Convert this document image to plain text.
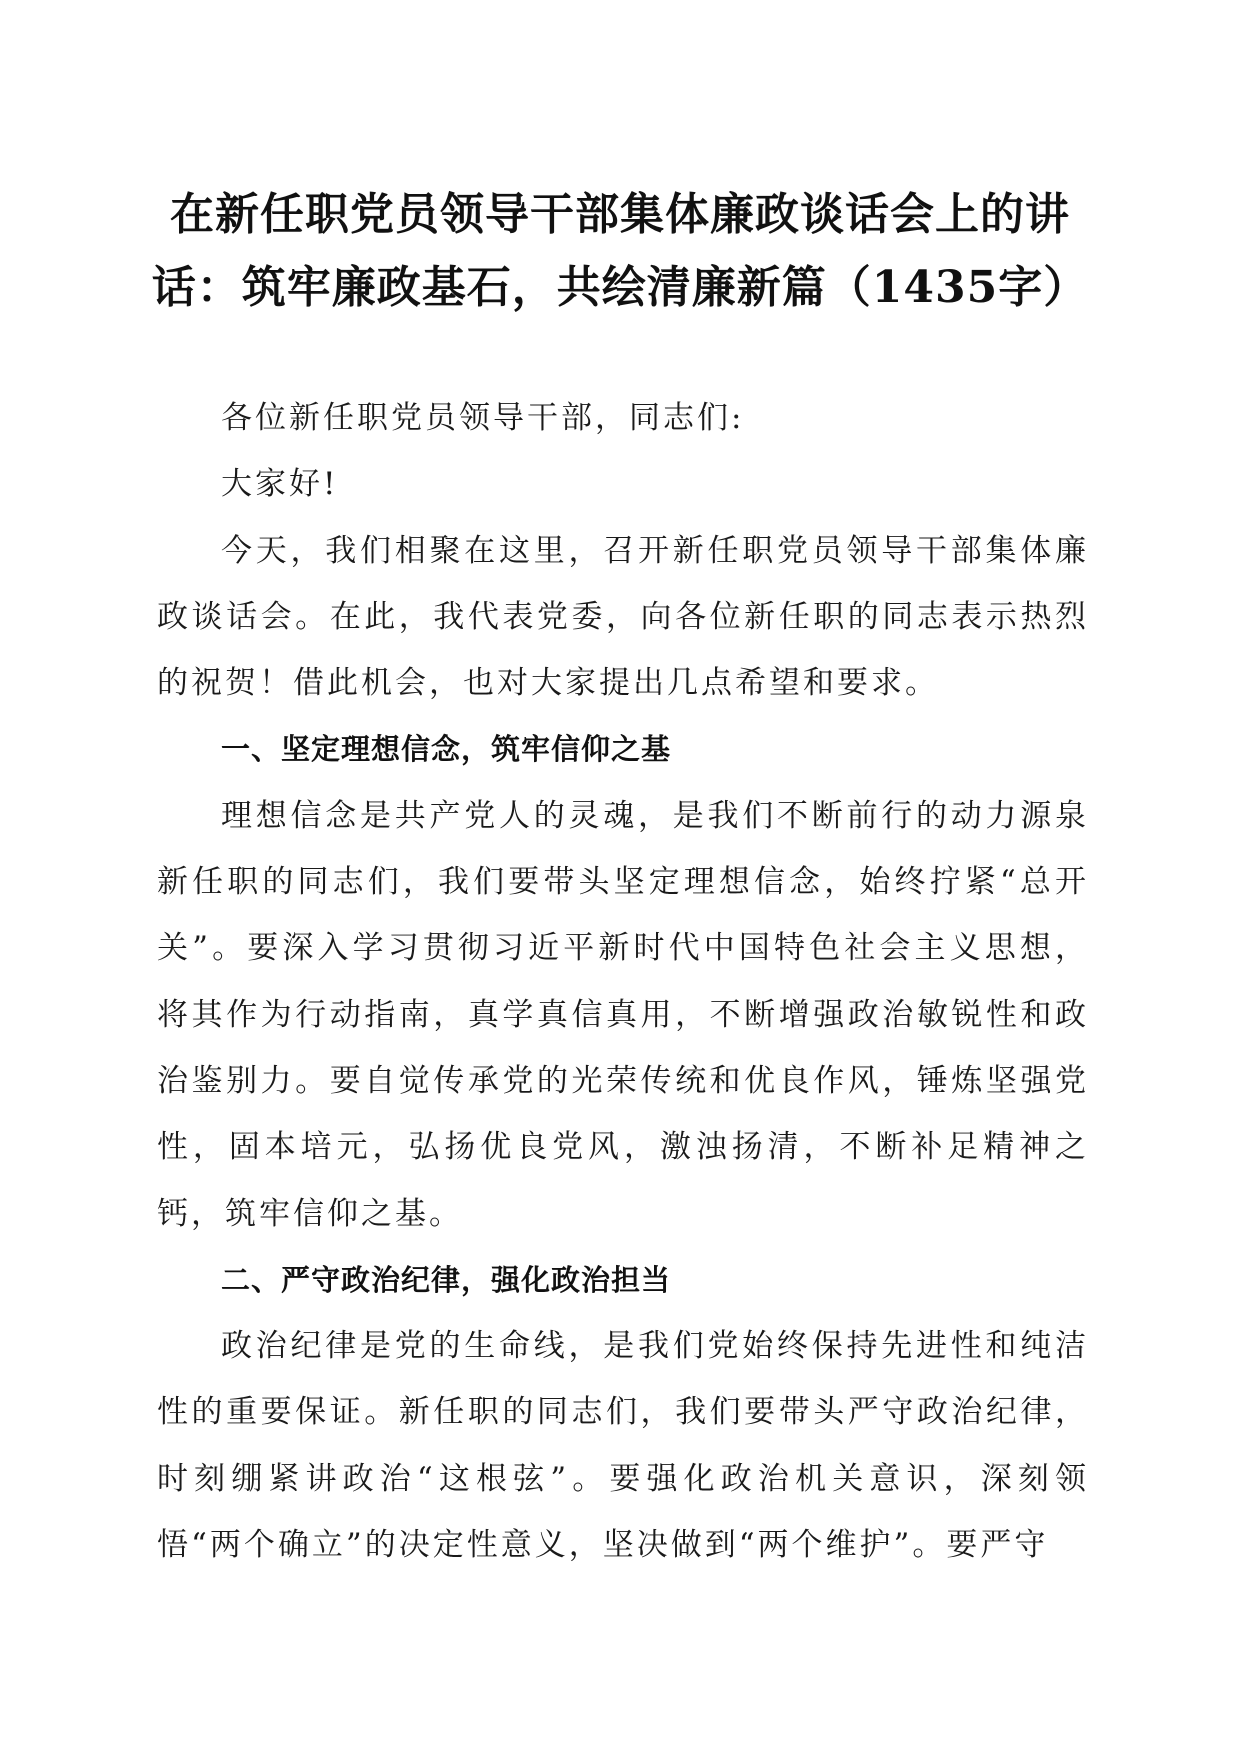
在新任职党员领导干部集体廉政谈话会上的讲话：筑牢廉政基石，共绘清廉新篇（1435字）

各位新任职党员领导干部，同志们:

大家好!

今天，我们相聚在这里，召开新任职党员领导干部集体廉政谈话会。在此，我代表党委，向各位新任职的同志表示热烈的祝贺！借此机会，也对大家提出几点希望和要求。

一、坚定理想信念，筑牢信仰之基

理想信念是共产党人的灵魂，是我们不断前行的动力源泉新任职的同志们，我们要带头坚定理想信念，始终拧紧“总开关”。要深入学习贯彻习近平新时代中国特色社会主义思想，将其作为行动指南，真学真信真用，不断增强政治敏锐性和政治鉴别力。要自觉传承党的光荣传统和优良作风，锤炼坚强党性，固本培元，弘扬优良党风，激浊扬清，不断补足精神之钙，筑牢信仰之基。

二、严守政治纪律，强化政治担当

政治纪律是党的生命线，是我们党始终保持先进性和纯洁性的重要保证。新任职的同志们，我们要带头严守政治纪律，时刻绷紧讲政治“这根弦”。要强化政治机关意识，深刻领悟“两个确立”的决定性意义，坚决做到“两个维护”。要严守
